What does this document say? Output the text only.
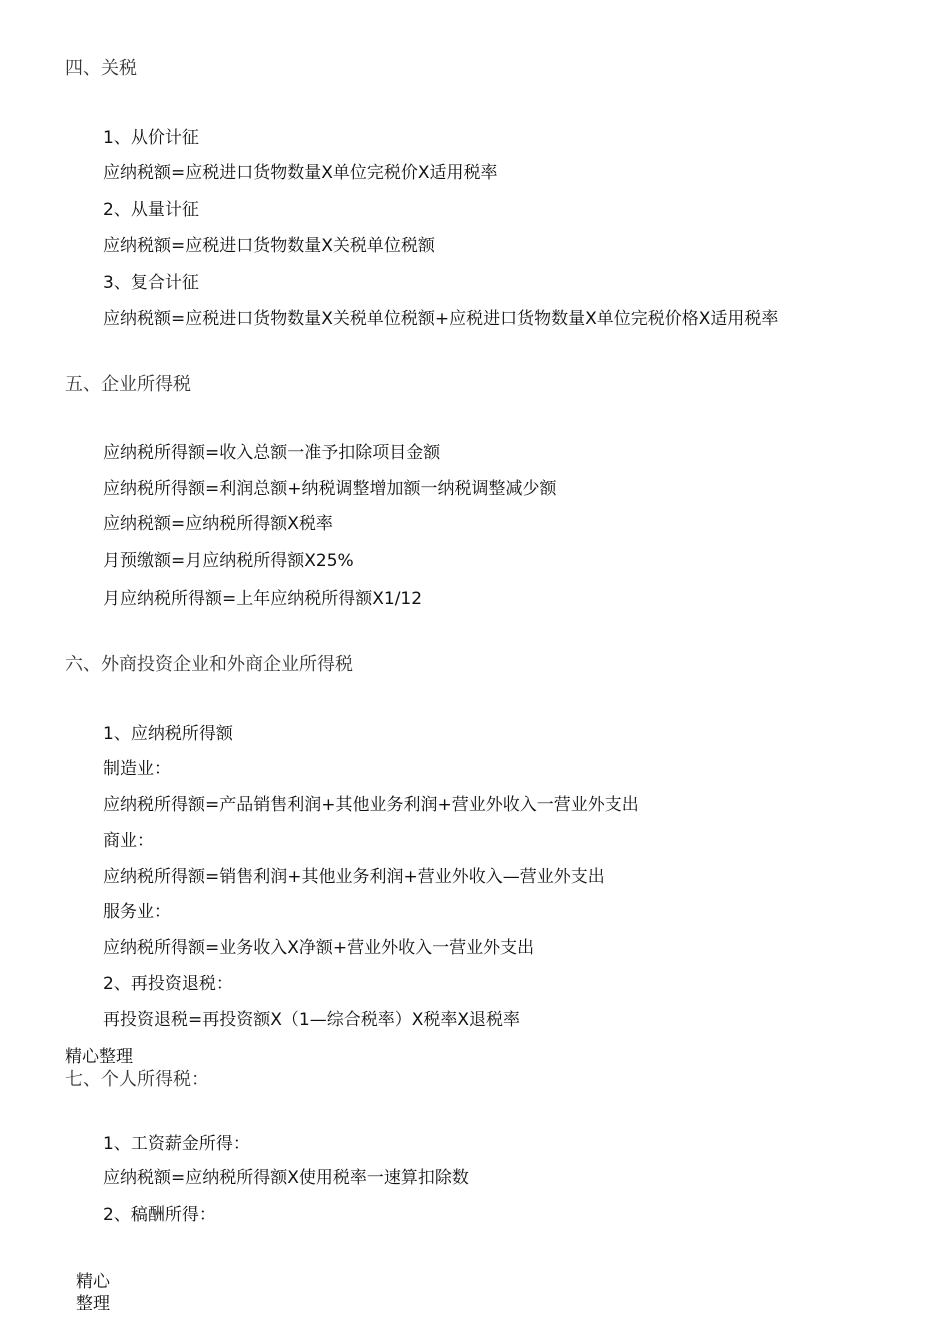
四、关税
1、从价计征
应纳税额=应税进口货物数量X单位完税价X适用税率
2、从量计征
应纳税额=应税进口货物数量X关税单位税额
3、复合计征
应纳税额=应税进口货物数量X关税单位税额+应税进口货物数量X单位完税价格X适用税率
五、企业所得税
应纳税所得额=收入总额一准予扣除项目金额
应纳税所得额=利润总额+纳税调整增加额一纳税调整减少额
应纳税额=应纳税所得额X税率
月预缴额=月应纳税所得额X25%
月应纳税所得额=上年应纳税所得额X1/12
六、外商投资企业和外商企业所得税
1、应纳税所得额
制造业：
应纳税所得额=产品销售利润+其他业务利润+营业外收入一营业外支出
商业：
应纳税所得额=销售利润+其他业务利润+营业外收入—营业外支出
服务业：
应纳税所得额=业务收入X净额+营业外收入一营业外支出
2、再投资退税：
再投资退税=再投资额X（1—综合税率）X税率X退税率
精心整理
七、个人所得税：
1、工资薪金所得：
应纳税额=应纳税所得额X使用税率一速算扣除数
2、稿酬所得：
精心
整理
